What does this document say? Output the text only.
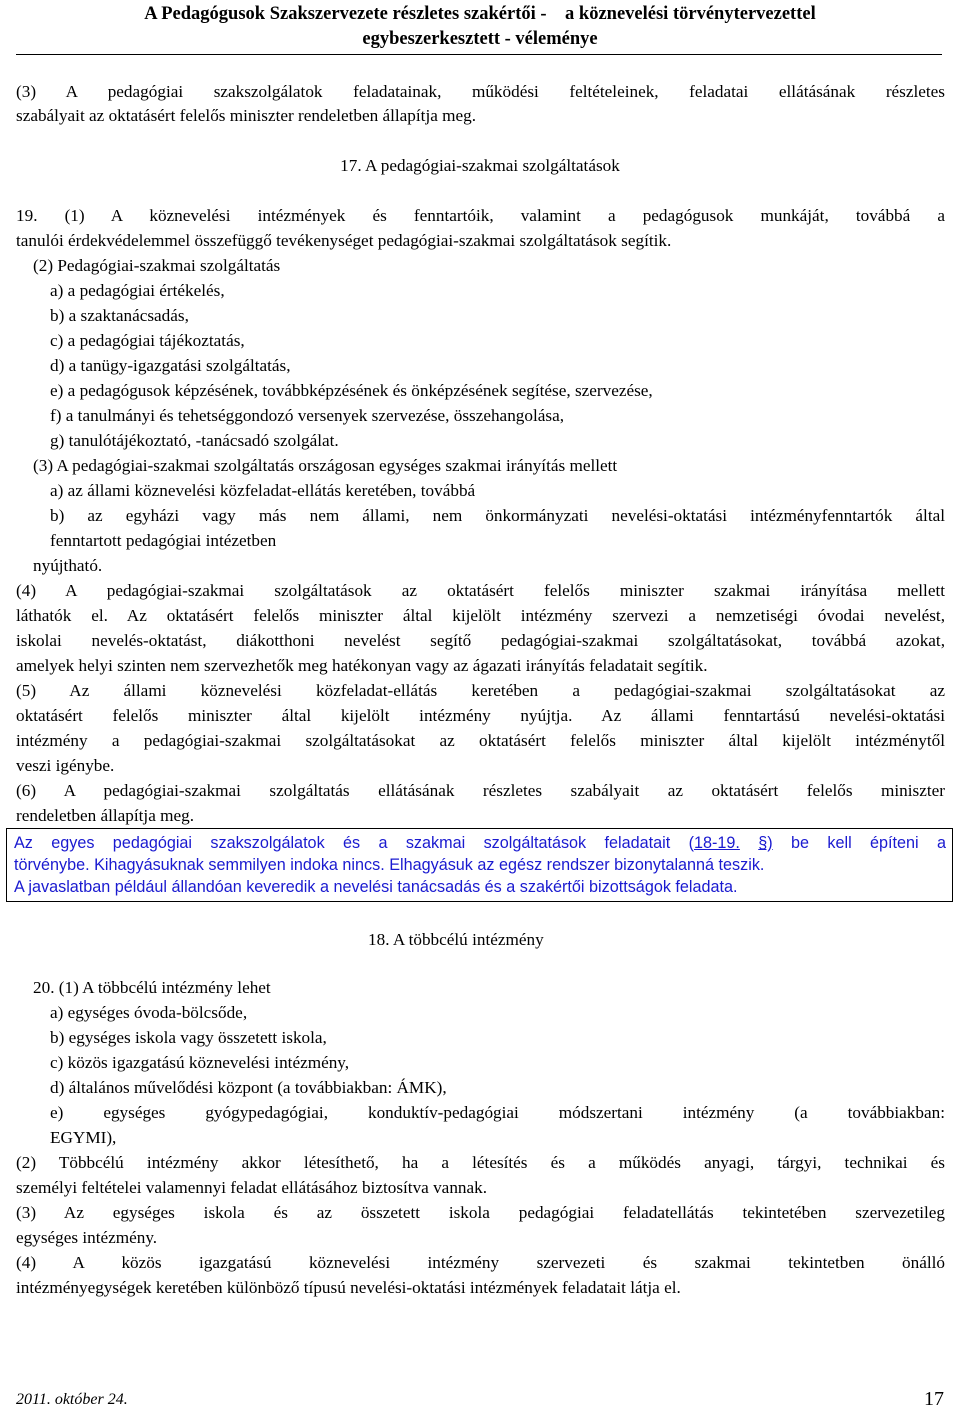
A Pedagógusok Szakszervezete részletes szakértői - a köznevelési törvénytervezettel
egybeszerkesztett - véleménye
(3) A pedagógiai szakszolgálatok feladatainak, működési feltételeinek, feladatai ellátásának részletes
szabályait az oktatásért felelős miniszter rendeletben állapítja meg.
17. A pedagógiai-szakmai szolgáltatások
19. (1) A köznevelési intézmények és fenntartóik, valamint a pedagógusok munkáját, továbbá a
tanulói érdekvédelemmel összefüggő tevékenységet pedagógiai-szakmai szolgáltatások segítik.
(2) Pedagógiai-szakmai szolgáltatás
a) a pedagógiai értékelés,
b) a szaktanácsadás,
c) a pedagógiai tájékoztatás,
d) a tanügy-igazgatási szolgáltatás,
e) a pedagógusok képzésének, továbbképzésének és önképzésének segítése, szervezése,
f) a tanulmányi és tehetséggondozó versenyek szervezése, összehangolása,
g) tanulótájékoztató, -tanácsadó szolgálat.
(3) A pedagógiai-szakmai szolgáltatás országosan egységes szakmai irányítás mellett
a) az állami köznevelési közfeladat-ellátás keretében, továbbá
b) az egyházi vagy más nem állami, nem önkormányzati nevelési-oktatási intézményfenntartók által
fenntartott pedagógiai intézetben
nyújtható.
(4) A pedagógiai-szakmai szolgáltatások az oktatásért felelős miniszter szakmai irányítása mellett
láthatók el. Az oktatásért felelős miniszter által kijelölt intézmény szervezi a nemzetiségi óvodai nevelést,
iskolai nevelés-oktatást, diákotthoni nevelést segítő pedagógiai-szakmai szolgáltatásokat, továbbá azokat,
amelyek helyi szinten nem szervezhetők meg hatékonyan vagy az ágazati irányítás feladatait segítik.
(5) Az állami köznevelési közfeladat-ellátás keretében a pedagógiai-szakmai szolgáltatásokat az
oktatásért felelős miniszter által kijelölt intézmény nyújtja. Az állami fenntartású nevelési-oktatási
intézmény a pedagógiai-szakmai szolgáltatásokat az oktatásért felelős miniszter által kijelölt intézménytől
veszi igénybe.
(6) A pedagógiai-szakmai szolgáltatás ellátásának részletes szabályait az oktatásért felelős miniszter
rendeletben állapítja meg.
Az egyes pedagógiai szakszolgálatok és a szakmai szolgáltatások feladatait (18-19. §) be kell építeni a
törvénybe. Kihagyásuknak semmilyen indoka nincs. Elhagyásuk az egész rendszer bizonytalanná teszik.
A javaslatban például állandóan keveredik a nevelési tanácsadás és a szakértői bizottságok feladata.
18. A többcélú intézmény
20. (1) A többcélú intézmény lehet
a) egységes óvoda-bölcsőde,
b) egységes iskola vagy összetett iskola,
c) közös igazgatású köznevelési intézmény,
d) általános művelődési központ (a továbbiakban: ÁMK),
e) egységes gyógypedagógiai, konduktív-pedagógiai módszertani intézmény (a továbbiakban:
EGYMI),
(2) Többcélú intézmény akkor létesíthető, ha a létesítés és a működés anyagi, tárgyi, technikai és
személyi feltételei valamennyi feladat ellátásához biztosítva vannak.
(3) Az egységes iskola és az összetett iskola pedagógiai feladatellátás tekintetében szervezetileg
egységes intézmény.
(4) A közös igazgatású köznevelési intézmény szervezeti és szakmai tekintetben önálló
intézményegységek keretében különböző típusú nevelési-oktatási intézmények feladatait látja el.
2011. október 24.	17
